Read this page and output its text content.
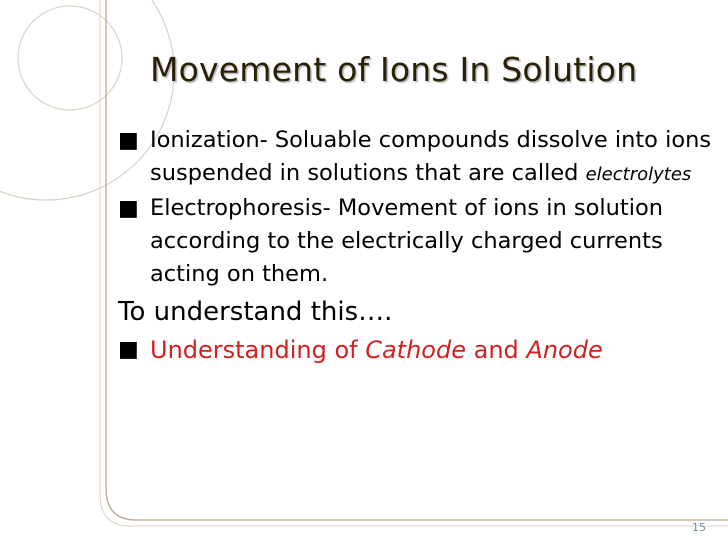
Movement of Ions In Solution
■ Ionization- Soluable compounds dissolve into ions suspended in solutions that are called electrolytes
■ Electrophoresis- Movement of ions in solution according to the electrically charged currents acting on them.
To understand this….
■ Understanding of Cathode and Anode
15
